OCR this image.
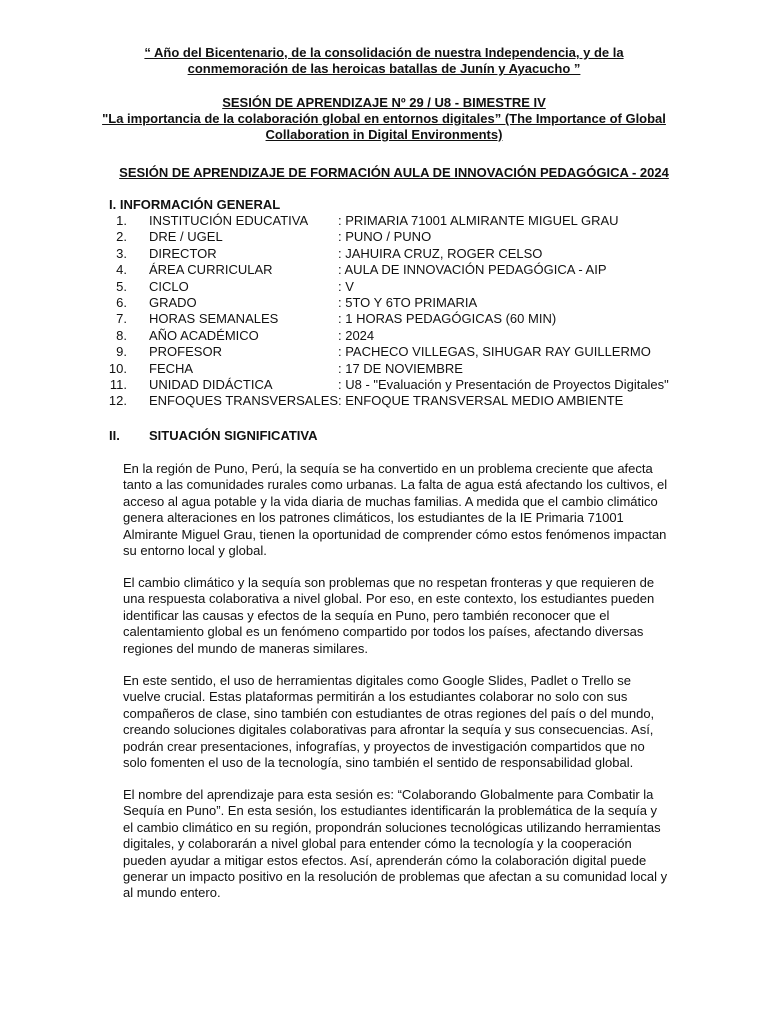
“ Año del Bicentenario, de la consolidación de nuestra Independencia, y de la conmemoración de las heroicas batallas de Junín y Ayacucho ”
SESIÓN DE APRENDIZAJE Nº 29 / U8 - BIMESTRE IV
"La importancia de la colaboración global en entornos digitales” (The Importance of Global Collaboration in Digital Environments)
SESIÓN DE APRENDIZAJE DE FORMACIÓN AULA DE INNOVACIÓN PEDAGÓGICA - 2024
I. INFORMACIÓN GENERAL
1. INSTITUCIÓN EDUCATIVA : PRIMARIA 71001 ALMIRANTE MIGUEL GRAU
2. DRE / UGEL	: PUNO / PUNO
3. DIRECTOR	: JAHUIRA CRUZ, ROGER CELSO
4. ÁREA CURRICULAR	: AULA DE INNOVACIÓN PEDAGÓGICA - AIP
5. CICLO	: V
6. GRADO	: 5TO Y 6TO PRIMARIA
7. HORAS SEMANALES	: 1 HORAS PEDAGÓGICAS (60 MIN)
8. AÑO ACADÉMICO	: 2024
9. PROFESOR	: PACHECO VILLEGAS, SIHUGAR RAY GUILLERMO
10. FECHA	: 17 DE NOVIEMBRE
11. UNIDAD DIDÁCTICA	: U8 - "Evaluación y Presentación de Proyectos Digitales"
12. ENFOQUES TRANSVERSALES : ENFOQUE TRANSVERSAL MEDIO AMBIENTE
II. SITUACIÓN SIGNIFICATIVA
En la región de Puno, Perú, la sequía se ha convertido en un problema creciente que afecta tanto a las comunidades rurales como urbanas. La falta de agua está afectando los cultivos, el acceso al agua potable y la vida diaria de muchas familias. A medida que el cambio climático genera alteraciones en los patrones climáticos, los estudiantes de la IE Primaria 71001 Almirante Miguel Grau, tienen la oportunidad de comprender cómo estos fenómenos impactan su entorno local y global.
El cambio climático y la sequía son problemas que no respetan fronteras y que requieren de una respuesta colaborativa a nivel global. Por eso, en este contexto, los estudiantes pueden identificar las causas y efectos de la sequía en Puno, pero también reconocer que el calentamiento global es un fenómeno compartido por todos los países, afectando diversas regiones del mundo de maneras similares.
En este sentido, el uso de herramientas digitales como Google Slides, Padlet o Trello se vuelve crucial. Estas plataformas permitirán a los estudiantes colaborar no solo con sus compañeros de clase, sino también con estudiantes de otras regiones del país o del mundo, creando soluciones digitales colaborativas para afrontar la sequía y sus consecuencias. Así, podrán crear presentaciones, infografías, y proyectos de investigación compartidos que no solo fomenten el uso de la tecnología, sino también el sentido de responsabilidad global.
El nombre del aprendizaje para esta sesión es: “Colaborando Globalmente para Combatir la Sequía en Puno”. En esta sesión, los estudiantes identificarán la problemática de la sequía y el cambio climático en su región, propondrán soluciones tecnológicas utilizando herramientas digitales, y colaborarán a nivel global para entender cómo la tecnología y la cooperación pueden ayudar a mitigar estos efectos. Así, aprenderán cómo la colaboración digital puede generar un impacto positivo en la resolución de problemas que afectan a su comunidad local y al mundo entero.
